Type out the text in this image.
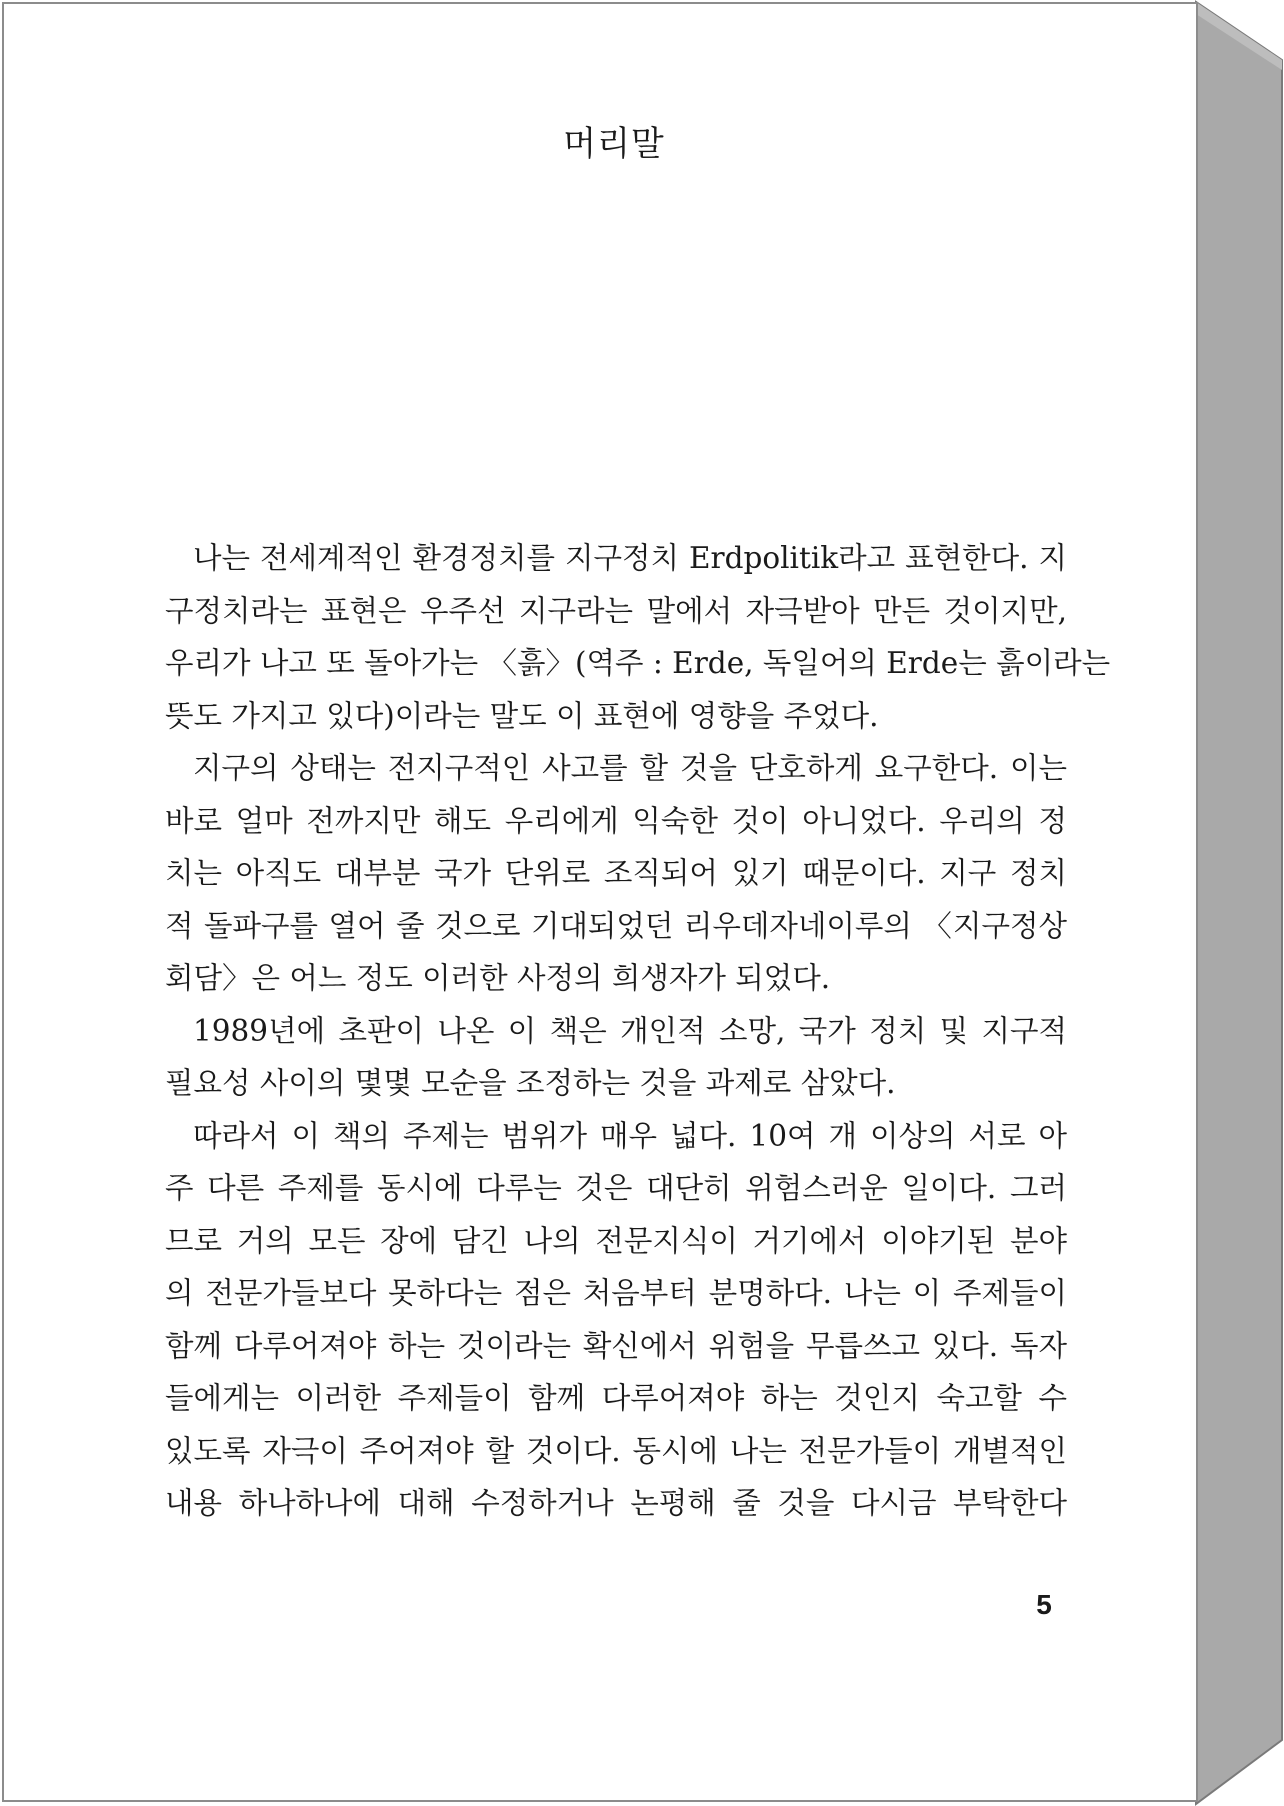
머리말
나는 전세계적인 환경정치를 지구정치 Erdpolitik라고 표현한다. 지
구정치라는 표현은 우주선 지구라는 말에서 자극받아 만든 것이지만,
우리가 나고 또 돌아가는 〈흙〉(역주 : Erde, 독일어의 Erde는 흙이라는
뜻도 가지고 있다)이라는 말도 이 표현에 영향을 주었다.
지구의 상태는 전지구적인 사고를 할 것을 단호하게 요구한다. 이는
바로 얼마 전까지만 해도 우리에게 익숙한 것이 아니었다. 우리의 정
치는 아직도 대부분 국가 단위로 조직되어 있기 때문이다. 지구 정치
적 돌파구를 열어 줄 것으로 기대되었던 리우데자네이루의 〈지구정상
회담〉은 어느 정도 이러한 사정의 희생자가 되었다.
1989년에 초판이 나온 이 책은 개인적 소망, 국가 정치 및 지구적
필요성 사이의 몇몇 모순을 조정하는 것을 과제로 삼았다.
따라서 이 책의 주제는 범위가 매우 넓다. 10여 개 이상의 서로 아
주 다른 주제를 동시에 다루는 것은 대단히 위험스러운 일이다. 그러
므로 거의 모든 장에 담긴 나의 전문지식이 거기에서 이야기된 분야
의 전문가들보다 못하다는 점은 처음부터 분명하다. 나는 이 주제들이
함께 다루어져야 하는 것이라는 확신에서 위험을 무릅쓰고 있다. 독자
들에게는 이러한 주제들이 함께 다루어져야 하는 것인지 숙고할 수
있도록 자극이 주어져야 할 것이다. 동시에 나는 전문가들이 개별적인
내용 하나하나에 대해 수정하거나 논평해 줄 것을 다시금 부탁한다
5
